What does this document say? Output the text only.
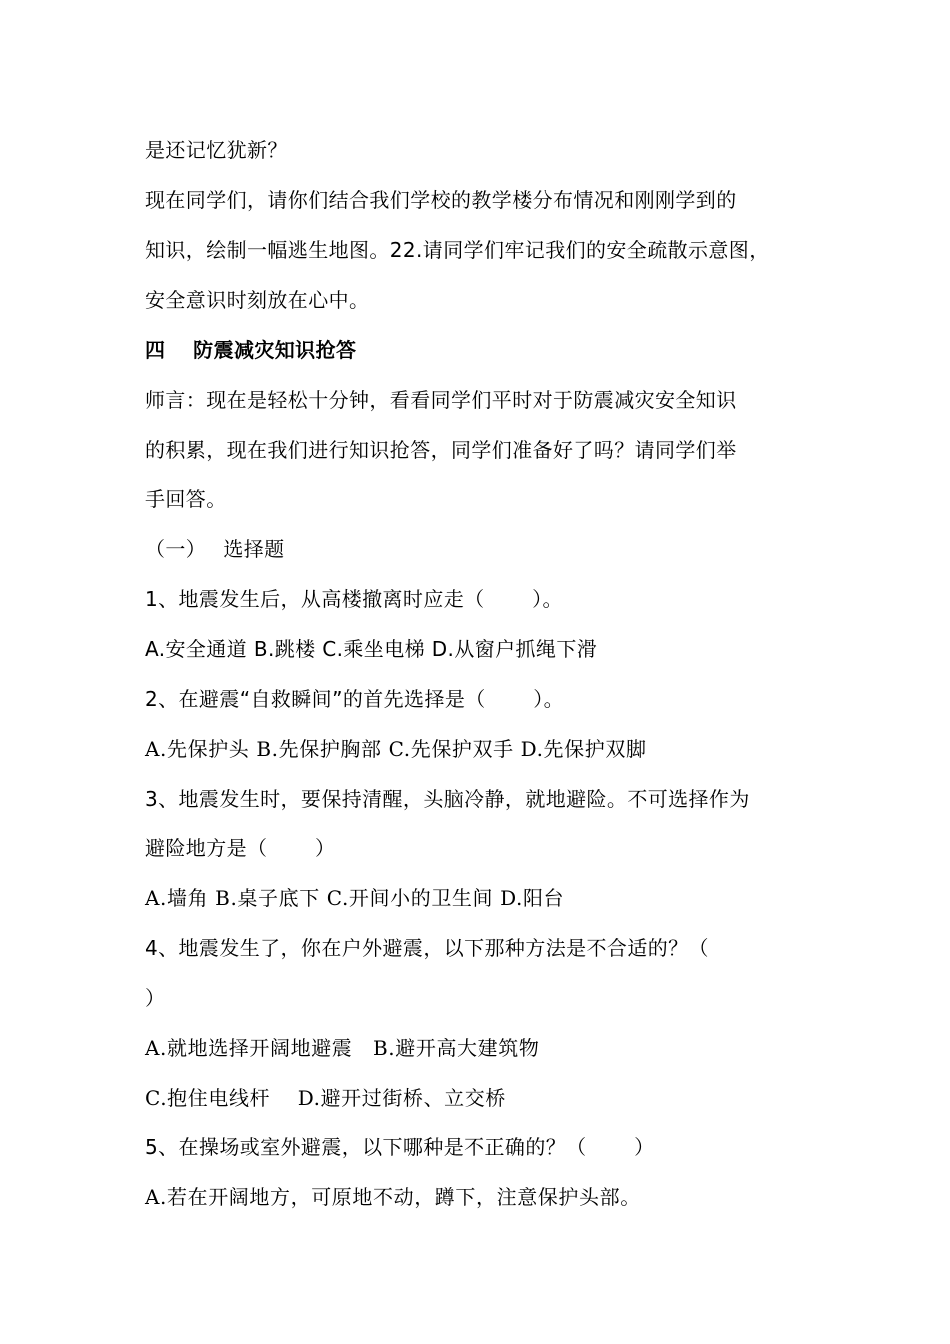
是还记忆犹新？
现在同学们，请你们结合我们学校的教学楼分布情况和刚刚学到的
知识，绘制一幅逃生地图。22.请同学们牢记我们的安全疏散示意图，
安全意识时刻放在心中。
四　 防震减灾知识抢答
师言：现在是轻松十分钟，看看同学们平时对于防震减灾安全知识
的积累，现在我们进行知识抢答，同学们准备好了吗？请同学们举
手回答。
（一）　 选择题
1、地震发生后，从高楼撤离时应走（　　 ）。
A.安全通道 B.跳楼 C.乘坐电梯 D.从窗户抓绳下滑
2、在避震“自救瞬间”的首先选择是（　　 ）。
A.先保护头 B.先保护胸部 C.先保护双手 D.先保护双脚
3、地震发生时，要保持清醒，头脑冷静，就地避险。不可选择作为
避险地方是（　　 ）
A.墙角 B.桌子底下 C.开间小的卫生间 D.阳台
4、地震发生了，你在户外避震，以下那种方法是不合适的？（
）
A.就地选择开阔地避震　B.避开高大建筑物
C.抱住电线杆　 D.避开过街桥、立交桥
5、在操场或室外避震，以下哪种是不正确的？（　　 ）
A.若在开阔地方，可原地不动，蹲下，注意保护头部。
